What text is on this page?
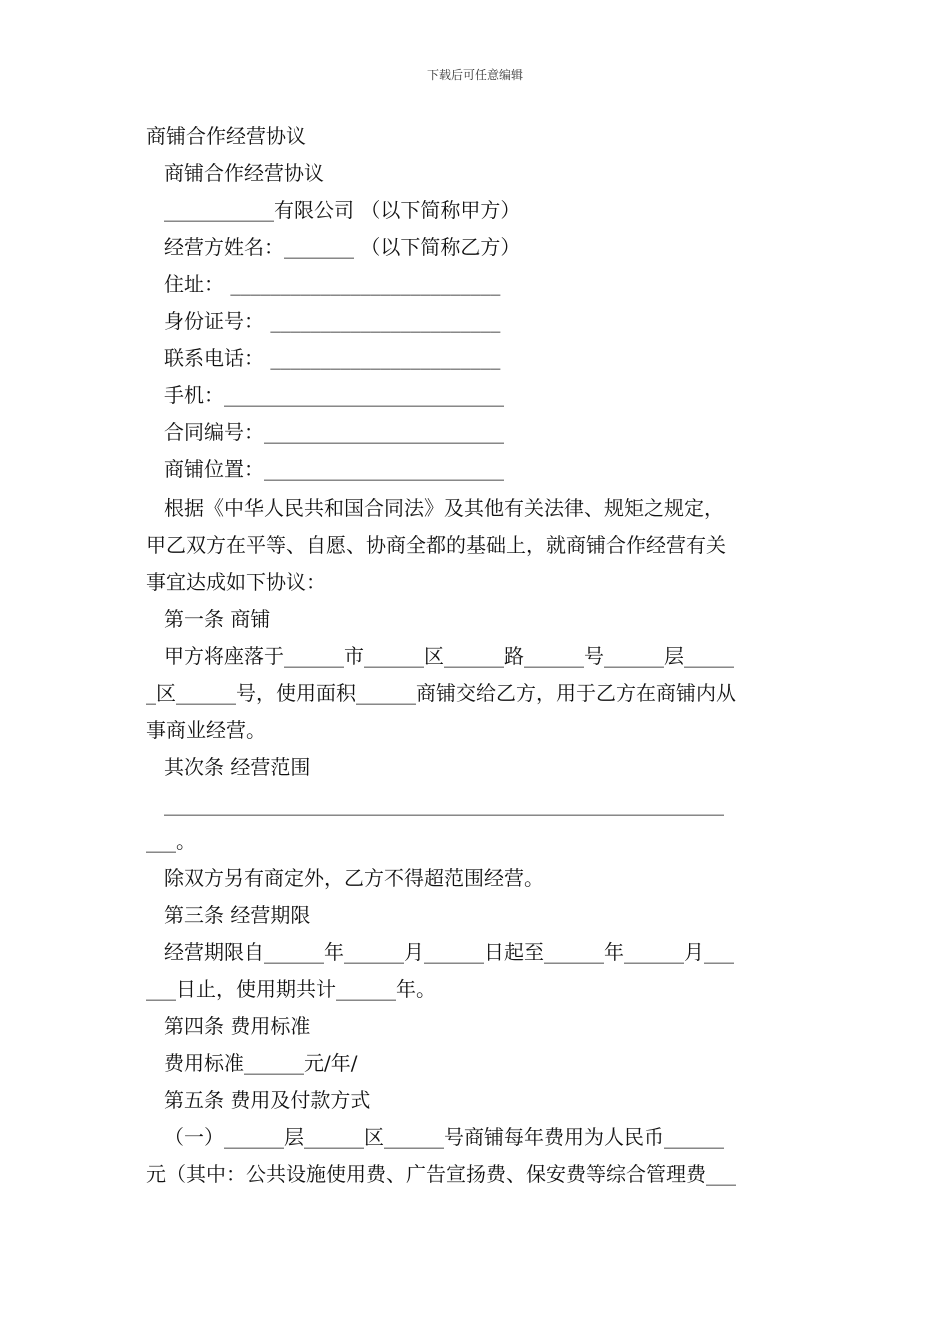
下载后可任意编辑
商铺合作经营协议
商铺合作经营协议
___________有限公司 （以下简称甲方）
经营方姓名：_______ （以下简称乙方）
住址： ___________________________
身份证号： _______________________
联系电话： _______________________
手机：____________________________
合同编号：________________________
商铺位置：________________________
根据《中华人民共和国合同法》及其他有关法律、规矩之规定，
甲乙双方在平等、自愿、协商全都的基础上，就商铺合作经营有关
事宜达成如下协议：
第一条 商铺
甲方将座落于______市______区______路______号______层_____
_区______号，使用面积______商铺交给乙方，用于乙方在商铺内从
事商业经营。
其次条 经营范围
________________________________________________________
___。
除双方另有商定外，乙方不得超范围经营。
第三条 经营期限
经营期限自______年______月______日起至______年______月___
___日止，使用期共计______年。
第四条 费用标准
费用标准______元/年/
第五条 费用及付款方式
（一）______层______区______号商铺每年费用为人民币______
元（其中：公共设施使用费、广告宣扬费、保安费等综合管理费___
